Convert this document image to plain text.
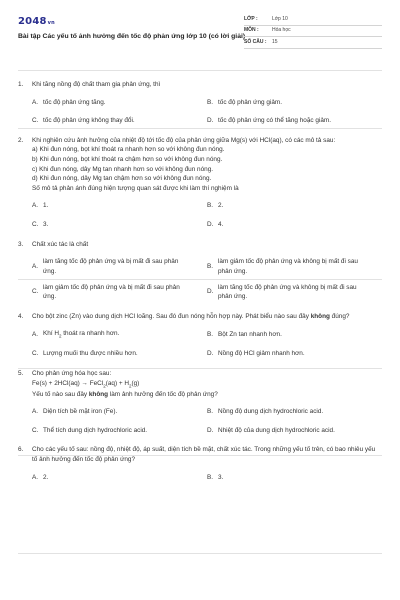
2048vn
Bài tập Các yếu tố ảnh hưởng đến tốc độ phản ứng lớp 10 (có lời giải)
LỚP :	Lớp 10
MÔN :	Hóa học
SỐ CÂU :	15
1.	Khi tăng nồng độ chất tham gia phản ứng, thì
A. tốc độ phản ứng tăng.	B. tốc độ phản ứng giảm.
C. tốc độ phản ứng không thay đổi.	D. tốc độ phản ứng có thể tăng hoặc giảm.
2.	Khi nghiên cứu ảnh hưởng của nhiệt độ tới tốc độ của phản ứng giữa Mg(s) với HCl(aq), có các mô tả sau:
a) Khi đun nóng, bọt khí thoát ra nhanh hơn so với không đun nóng.
b) Khi đun nóng, bọt khí thoát ra chậm hơn so với không đun nóng.
c) Khi đun nóng, dây Mg tan nhanh hơn so với không đun nóng.
d) Khi đun nóng, dây Mg tan chậm hơn so với không đun nóng.
Số mô tả phản ánh đúng hiện tượng quan sát được khi làm thí nghiệm là
A. 1.	B. 2.
C. 3.	D. 4.
3.	Chất xúc tác là chất
A.
làm tăng tốc độ phản ứng và bị mất đi sau phản ứng.
B.
làm giảm tốc độ phản ứng và không bị mất đi sau phản ứng.
C.
làm giảm tốc độ phản ứng và bị mất đi sau phản ứng.
D.
làm tăng tốc độ phản ứng và không bị mất đi sau phản ứng.
4.	Cho bột zinc (Zn) vào dung dịch HCl loãng. Sau đó đun nóng hỗn hợp này. Phát biểu nào sau đây không đúng?
A. Khí $H_2$ thoát ra nhanh hơn.	B. Bột Zn tan nhanh hơn.
C. Lượng muối thu được nhiều hơn.	D. Nồng độ HCl giảm nhanh hơn.
5.	Cho phản ứng hóa học sau:
Fe(s) + 2HCl(aq) → FeCl$_2$(aq) + $H_2(g)$
Yếu tố nào sau đây không làm ảnh hưởng đến tốc độ phản ứng?
A. Diện tích bề mặt iron (Fe).	B. Nồng độ dung dịch hydrochloric acid.
C. Thể tích dung dịch hydrochloric acid.	D. Nhiệt độ của dung dịch hydrochloric acid.
6.	Cho các yếu tố sau: nồng độ, nhiệt độ, áp suất, diện tích bề mặt, chất xúc tác. Trong những yếu tố trên, có bao nhiêu yếu tố ảnh hưởng đến tốc độ phản ứng?
A. 2.	B. 3.
